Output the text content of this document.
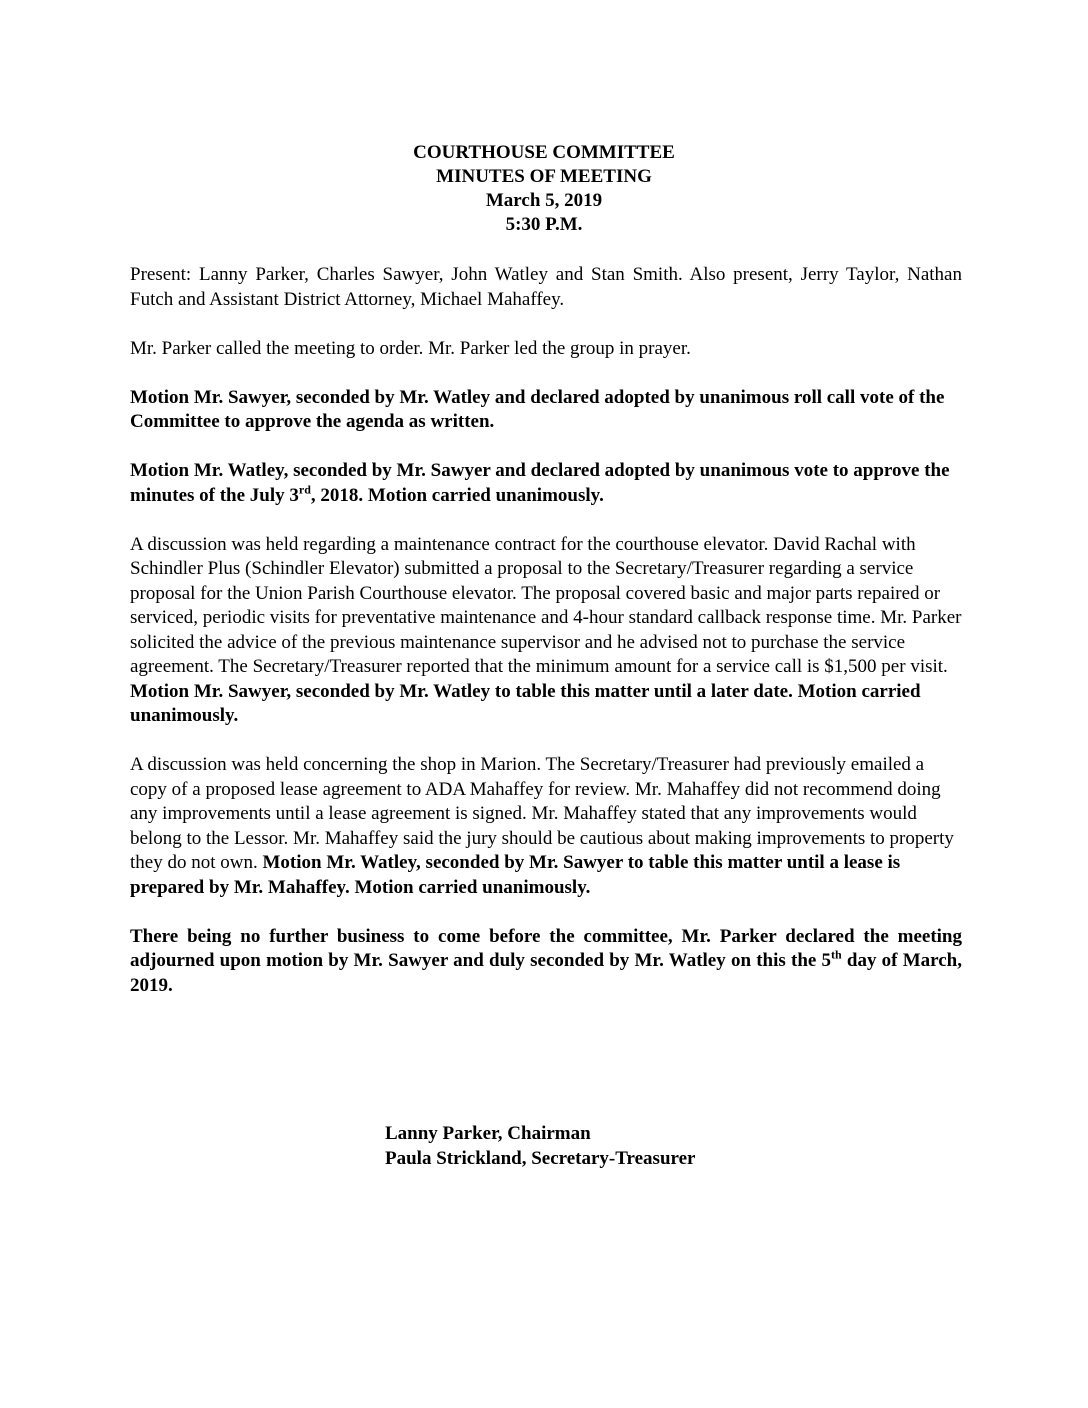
COURTHOUSE COMMITTEE
MINUTES OF MEETING
March 5, 2019
5:30 P.M.

Present: Lanny Parker, Charles Sawyer, John Watley and Stan Smith. Also present, Jerry Taylor, Nathan Futch and Assistant District Attorney, Michael Mahaffey.

Mr. Parker called the meeting to order. Mr. Parker led the group in prayer.

Motion Mr. Sawyer, seconded by Mr. Watley and declared adopted by unanimous roll call vote of the Committee to approve the agenda as written.

Motion Mr. Watley, seconded by Mr. Sawyer and declared adopted by unanimous vote to approve the minutes of the July 3rd, 2018. Motion carried unanimously.

A discussion was held regarding a maintenance contract for the courthouse elevator. David Rachal with Schindler Plus (Schindler Elevator) submitted a proposal to the Secretary/Treasurer regarding a service proposal for the Union Parish Courthouse elevator. The proposal covered basic and major parts repaired or serviced, periodic visits for preventative maintenance and 4-hour standard callback response time. Mr. Parker solicited the advice of the previous maintenance supervisor and he advised not to purchase the service agreement. The Secretary/Treasurer reported that the minimum amount for a service call is $1,500 per visit. Motion Mr. Sawyer, seconded by Mr. Watley to table this matter until a later date. Motion carried unanimously.

A discussion was held concerning the shop in Marion. The Secretary/Treasurer had previously emailed a copy of a proposed lease agreement to ADA Mahaffey for review. Mr. Mahaffey did not recommend doing any improvements until a lease agreement is signed. Mr. Mahaffey stated that any improvements would belong to the Lessor. Mr. Mahaffey said the jury should be cautious about making improvements to property they do not own. Motion Mr. Watley, seconded by Mr. Sawyer to table this matter until a lease is prepared by Mr. Mahaffey. Motion carried unanimously.

There being no further business to come before the committee, Mr. Parker declared the meeting adjourned upon motion by Mr. Sawyer and duly seconded by Mr. Watley on this the 5th day of March, 2019.

Lanny Parker, Chairman
Paula Strickland, Secretary-Treasurer
